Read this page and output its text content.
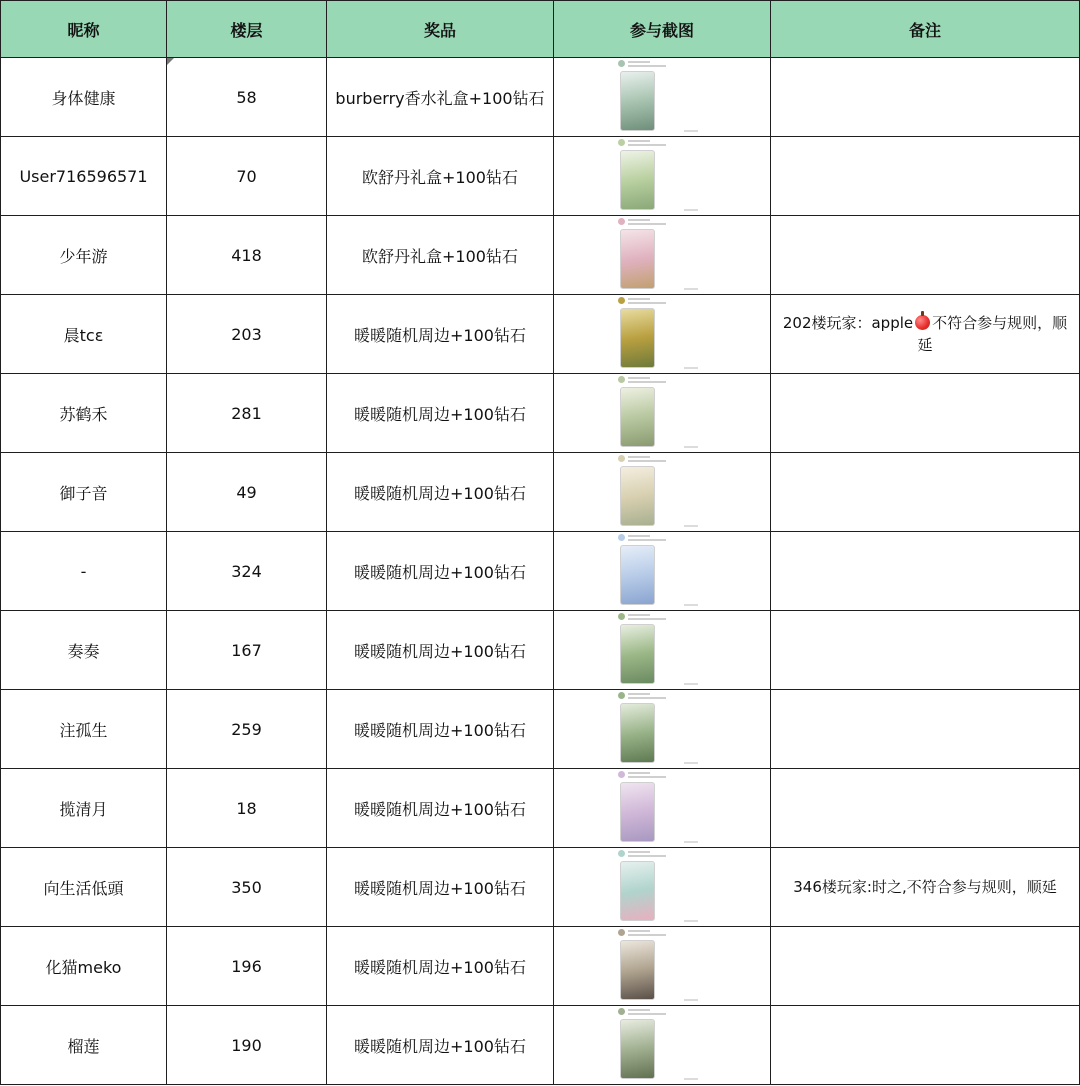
昵称	楼层	奖品	参与截图	备注
身体健康	58	burberry香水礼盒+100钻石	

User716596571	70	欧舒丹礼盒+100钻石	

少年游	418	欧舒丹礼盒+100钻石	

晨tcɛ	203	暖暖随机周边+100钻石		202楼玩家：apple 不符合参与规则，顺延
苏鹤禾	281	暖暖随机周边+100钻石	

御子音	49	暖暖随机周边+100钻石	

-	324	暖暖随机周边+100钻石	

奏奏	167	暖暖随机周边+100钻石	

注孤生	259	暖暖随机周边+100钻石	

揽清月	18	暖暖随机周边+100钻石	

向生活低頭	350	暖暖随机周边+100钻石		346楼玩家:时之,不符合参与规则，顺延
化猫meko	196	暖暖随机周边+100钻石	

榴莲	190	暖暖随机周边+100钻石	
